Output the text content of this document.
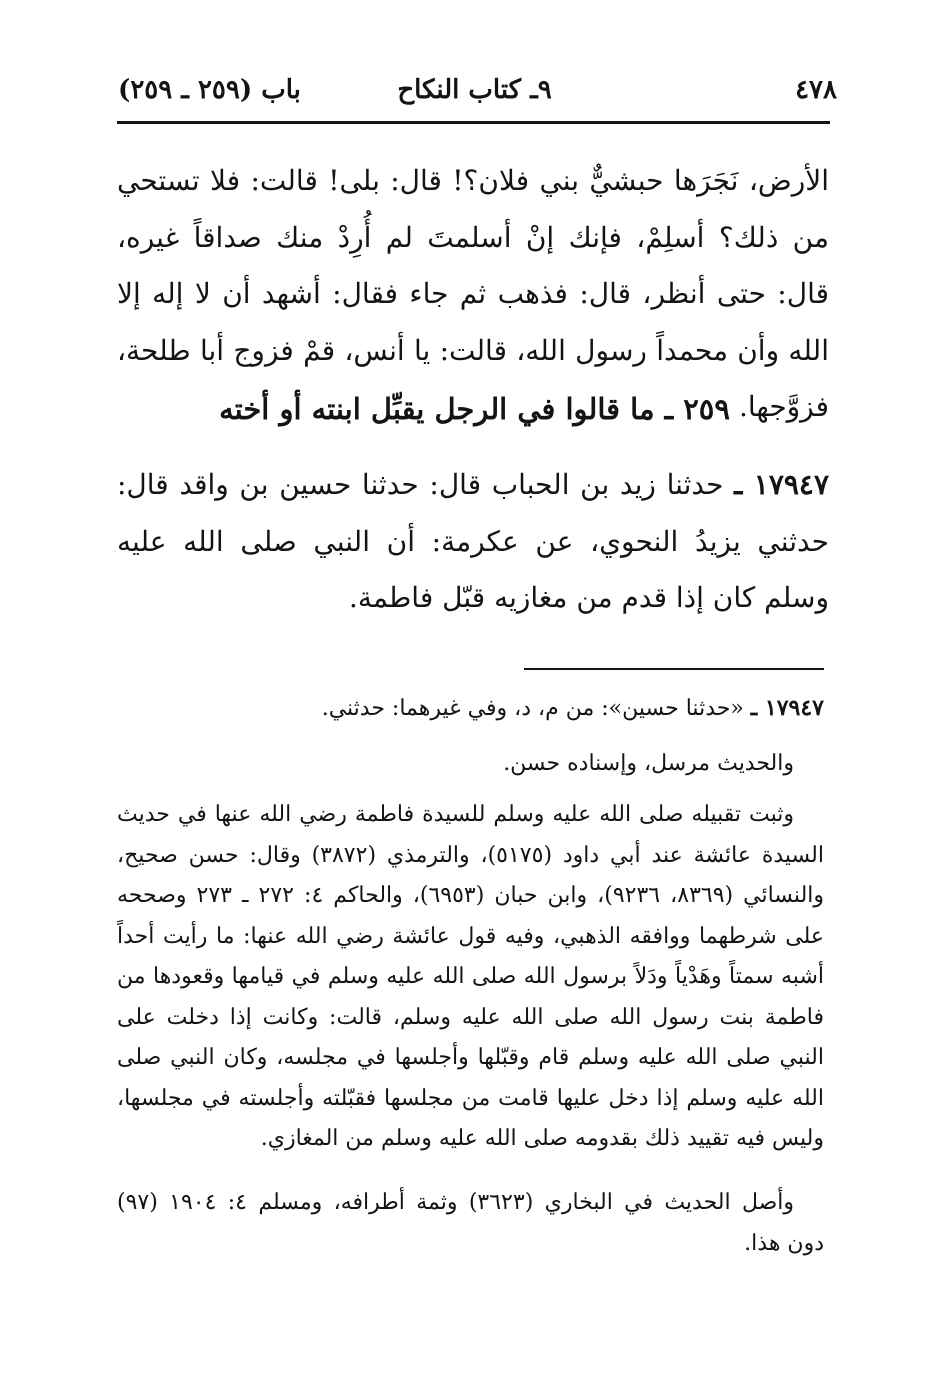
٤٧٨
٩ـ كتاب النكاح
باب (٢٥٩ ـ ٢٥٩)

الأرض، نَجَرَها حبشيٌّ بني فلان؟! قال: بلى! قالت: فلا تستحي من ذلك؟ أسلِمْ، فإنك إنْ أسلمتَ لم أُرِدْ منك صداقاً غيره، قال: حتى أنظر، قال: فذهب ثم جاء فقال: أشهد أن لا إله إلا الله وأن محمداً رسول الله، قالت: يا أنس، قمْ فزوج أبا طلحة، فزوَّجها.

٢٥٩ ـ ما قالوا في الرجل يقبِّل ابنته أو أخته

١٧٩٤٧ ـ حدثنا زيد بن الحباب قال: حدثنا حسين بن واقد قال: حدثني يزيدُ النحوي، عن عكرمة: أن النبي صلى الله عليه وسلم كان إذا قدم من مغازيه قبّل فاطمة.

١٧٩٤٧ ـ «حدثنا حسين»: من م، د، وفي غيرهما: حدثني.

والحديث مرسل، وإسناده حسن.

وثبت تقبيله صلى الله عليه وسلم للسيدة فاطمة رضي الله عنها في حديث السيدة عائشة عند أبي داود (٥١٧٥)، والترمذي (٣٨٧٢) وقال: حسن صحيح، والنسائي (٨٣٦٩، ٩٢٣٦)، وابن حبان (٦٩٥٣)، والحاكم ٤: ٢٧٢ ـ ٢٧٣ وصححه على شرطهما ووافقه الذهبي، وفيه قول عائشة رضي الله عنها: ما رأيت أحداً أشبه سمتاً وهَدْياً ودَلاً برسول الله صلى الله عليه وسلم في قيامها وقعودها من فاطمة بنت رسول الله صلى الله عليه وسلم، قالت: وكانت إذا دخلت على النبي صلى الله عليه وسلم قام وقبّلها وأجلسها في مجلسه، وكان النبي صلى الله عليه وسلم إذا دخل عليها قامت من مجلسها فقبّلته وأجلسته في مجلسها، وليس فيه تقييد ذلك بقدومه صلى الله عليه وسلم من المغازي.

وأصل الحديث في البخاري (٣٦٢٣) وثمة أطرافه، ومسلم ٤: ١٩٠٤ (٩٧) دون هذا.
